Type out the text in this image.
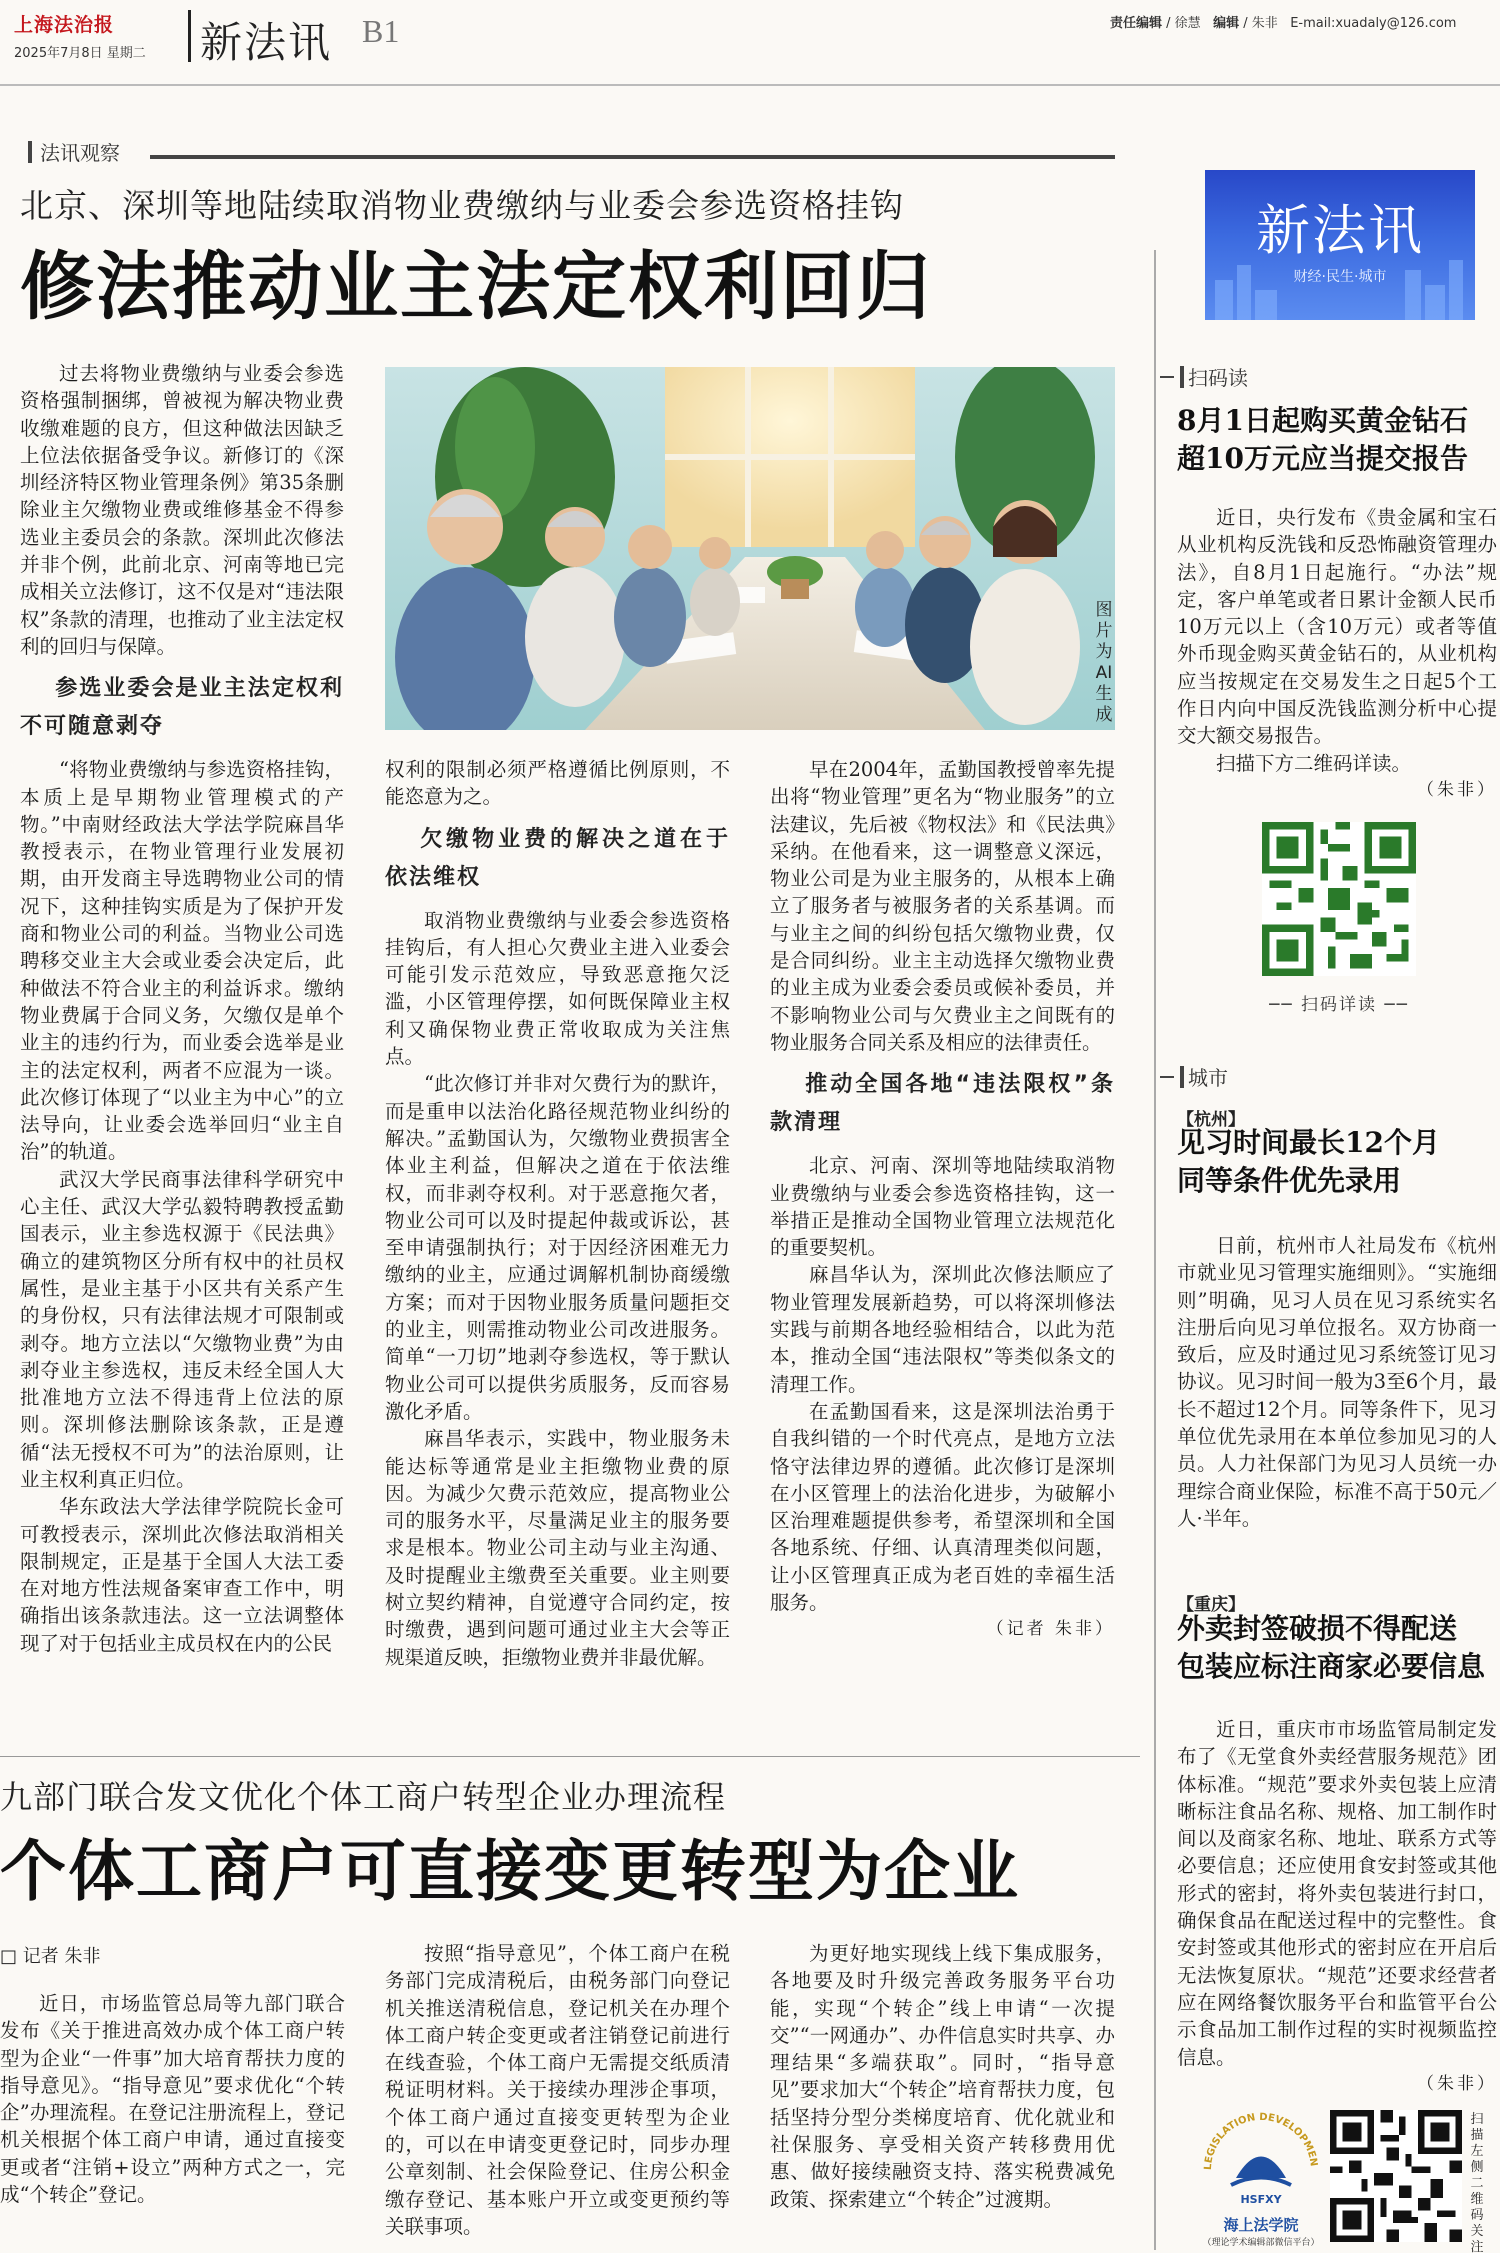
上海法治报
2025年7月8日 星期二 新法讯 B1	责任编辑 / 徐慧 编辑 / 朱非 E-mail:xuadaly@126.com
法讯观察
北京、深圳等地陆续取消物业费缴纳与业委会参选资格挂钩
修法推动业主法定权利回归

过去将物业费缴纳与业委会参选资格强制捆绑，曾被视为解决物业费收缴难题的良方，但这种做法因缺乏上位法依据备受争议。新修订的《深圳经济特区物业管理条例》第35条删除业主欠缴物业费或维修基金不得参选业主委员会的条款。深圳此次修法并非个例，此前北京、河南等地已完成相关立法修订，这不仅是对“违法限权”条款的清理，也推动了业主法定权利的回归与保障。

参选业委会是业主法定权利不可随意剥夺

“将物业费缴纳与参选资格挂钩，本质上是早期物业管理模式的产物。”中南财经政法大学法学院麻昌华教授表示，在物业管理行业发展初期，由开发商主导选聘物业公司的情况下，这种挂钩实质是为了保护开发商和物业公司的利益。当物业公司选聘移交业主大会或业委会决定后，此种做法不符合业主的利益诉求。缴纳物业费属于合同义务，欠缴仅是单个业主的违约行为，而业委会选举是业主的法定权利，两者不应混为一谈。此次修订体现了“以业主为中心”的立法导向，让业委会选举回归“业主自治”的轨道。

武汉大学民商事法律科学研究中心主任、武汉大学弘毅特聘教授孟勤国表示，业主参选权源于《民法典》确立的建筑物区分所有权中的社员权属性，是业主基于小区共有关系产生的身份权，只有法律法规才可限制或剥夺。地方立法以“欠缴物业费”为由剥夺业主参选权，违反未经全国人大批准地方立法不得违背上位法的原则。深圳修法删除该条款，正是遵循“法无授权不可为”的法治原则，让业主权利真正归位。

华东政法大学法律学院院长金可可教授表示，深圳此次修法取消相关限制规定，正是基于全国人大法工委在对地方性法规备案审查工作中，明确指出该条款违法。这一立法调整体现了对于包括业主成员权在内的公民

图片为AI生成

权利的限制必须严格遵循比例原则，不能恣意为之。

欠缴物业费的解决之道在于依法维权

取消物业费缴纳与业委会参选资格挂钩后，有人担心欠费业主进入业委会可能引发示范效应，导致恶意拖欠泛滥，小区管理停摆，如何既保障业主权利又确保物业费正常收取成为关注焦点。

“此次修订并非对欠费行为的默许，而是重申以法治化路径规范物业纠纷的解决。”孟勤国认为，欠缴物业费损害全体业主利益，但解决之道在于依法维权，而非剥夺权利。对于恶意拖欠者，物业公司可以及时提起仲裁或诉讼，甚至申请强制执行；对于因经济困难无力缴纳的业主，应通过调解机制协商缓缴方案；而对于因物业服务质量问题拒交的业主，则需推动物业公司改进服务。简单“一刀切”地剥夺参选权，等于默认物业公司可以提供劣质服务，反而容易激化矛盾。

麻昌华表示，实践中，物业服务未能达标等通常是业主拒缴物业费的原因。为减少欠费示范效应，提高物业公司的服务水平，尽量满足业主的服务要求是根本。物业公司主动与业主沟通、及时提醒业主缴费至关重要。业主则要树立契约精神，自觉遵守合同约定，按时缴费，遇到问题可通过业主大会等正规渠道反映，拒缴物业费并非最优解。

早在2004年，孟勤国教授曾率先提出将“物业管理”更名为“物业服务”的立法建议，先后被《物权法》和《民法典》采纳。在他看来，这一调整意义深远，物业公司是为业主服务的，从根本上确立了服务者与被服务者的关系基调。而与业主之间的纠纷包括欠缴物业费，仅是合同纠纷。业主主动选择欠缴物业费的业主成为业委会委员或候补委员，并不影响物业公司与欠费业主之间既有的物业服务合同关系及相应的法律责任。

推动全国各地“违法限权”条款清理

北京、河南、深圳等地陆续取消物业费缴纳与业委会参选资格挂钩，这一举措正是推动全国物业管理立法规范化的重要契机。

麻昌华认为，深圳此次修法顺应了物业管理发展新趋势，可以将深圳修法实践与前期各地经验相结合，以此为范本，推动全国“违法限权”等类似条文的清理工作。

在孟勤国看来，这是深圳法治勇于自我纠错的一个时代亮点，是地方立法恪守法律边界的遵循。此次修订是深圳在小区管理上的法治化进步，为破解小区治理难题提供参考，希望深圳和全国各地系统、仔细、认真清理类似问题，让小区管理真正成为老百姓的幸福生活服务。

（记者 朱非）

九部门联合发文优化个体工商户转型企业办理流程
个体工商户可直接变更转型为企业
□ 记者 朱非

近日，市场监管总局等九部门联合发布《关于推进高效办成个体工商户转型为企业“一件事”加大培育帮扶力度的指导意见》。“指导意见”要求优化“个转企”办理流程。在登记注册流程上，登记机关根据个体工商户申请，通过直接变更或者“注销+设立”两种方式之一，完成“个转企”登记。

按照“指导意见”，个体工商户在税务部门完成清税后，由税务部门向登记机关推送清税信息，登记机关在办理个体工商户转企变更或者注销登记前进行在线查验，个体工商户无需提交纸质清税证明材料。关于接续办理涉企事项，个体工商户通过直接变更转型为企业的，可以在申请变更登记时，同步办理公章刻制、社会保险登记、住房公积金缴存登记、基本账户开立或变更预约等关联事项。

为更好地实现线上线下集成服务，各地要及时升级完善政务服务平台功能，实现“个转企”线上申请“一次提交”“一网通办”、办件信息实时共享、办理结果“多端获取”。同时，“指导意见”要求加大“个转企”培育帮扶力度，包括坚持分型分类梯度培育、优化就业和社保服务、享受相关资产转移费用优惠、做好接续融资支持、落实税费减免政策、探索建立“个转企”过渡期。

新法讯
财经·民生·城市
扫码读
8月1日起购买黄金钻石
超10万元应当提交报告

近日，央行发布《贵金属和宝石从业机构反洗钱和反恐怖融资管理办法》，自8月1日起施行。“办法”规定，客户单笔或者日累计金额人民币10万元以上（含10万元）或者等值外币现金购买黄金钻石的，从业机构应当按规定在交易发生之日起5个工作日内向中国反洗钱监测分析中心提交大额交易报告。

扫描下方二维码详读。

（朱非）

── 扫码详读 ──
城市
【杭州】
见习时间最长12个月
同等条件优先录用

日前，杭州市人社局发布《杭州市就业见习管理实施细则》。“实施细则”明确，见习人员在见习系统实名注册后向见习单位报名。双方协商一致后，应及时通过见习系统签订见习协议。见习时间一般为3至6个月，最长不超过12个月。同等条件下，见习单位优先录用在本单位参加见习的人员。人力社保部门为见习人员统一办理综合商业保险，标准不高于50元／人·半年。

【重庆】
外卖封签破损不得配送
包装应标注商家必要信息

近日，重庆市市场监管局制定发布了《无堂食外卖经营服务规范》团体标准。“规范”要求外卖包装上应清晰标注食品名称、规格、加工制作时间以及商家名称、地址、联系方式等必要信息；还应使用食安封签或其他形式的密封，将外卖包装进行封口，确保食品在配送过程中的完整性。食安封签或其他形式的密封应在开启后无法恢复原状。“规范”还要求经营者应在网络餐饮服务平台和监管平台公示食品加工制作过程的实时视频监控信息。

（朱非）

LEGISLATION DEVELOPMEN
HSFXY
海上法学院
（理论学术编辑部微信平台）
扫描左侧二维码关注
